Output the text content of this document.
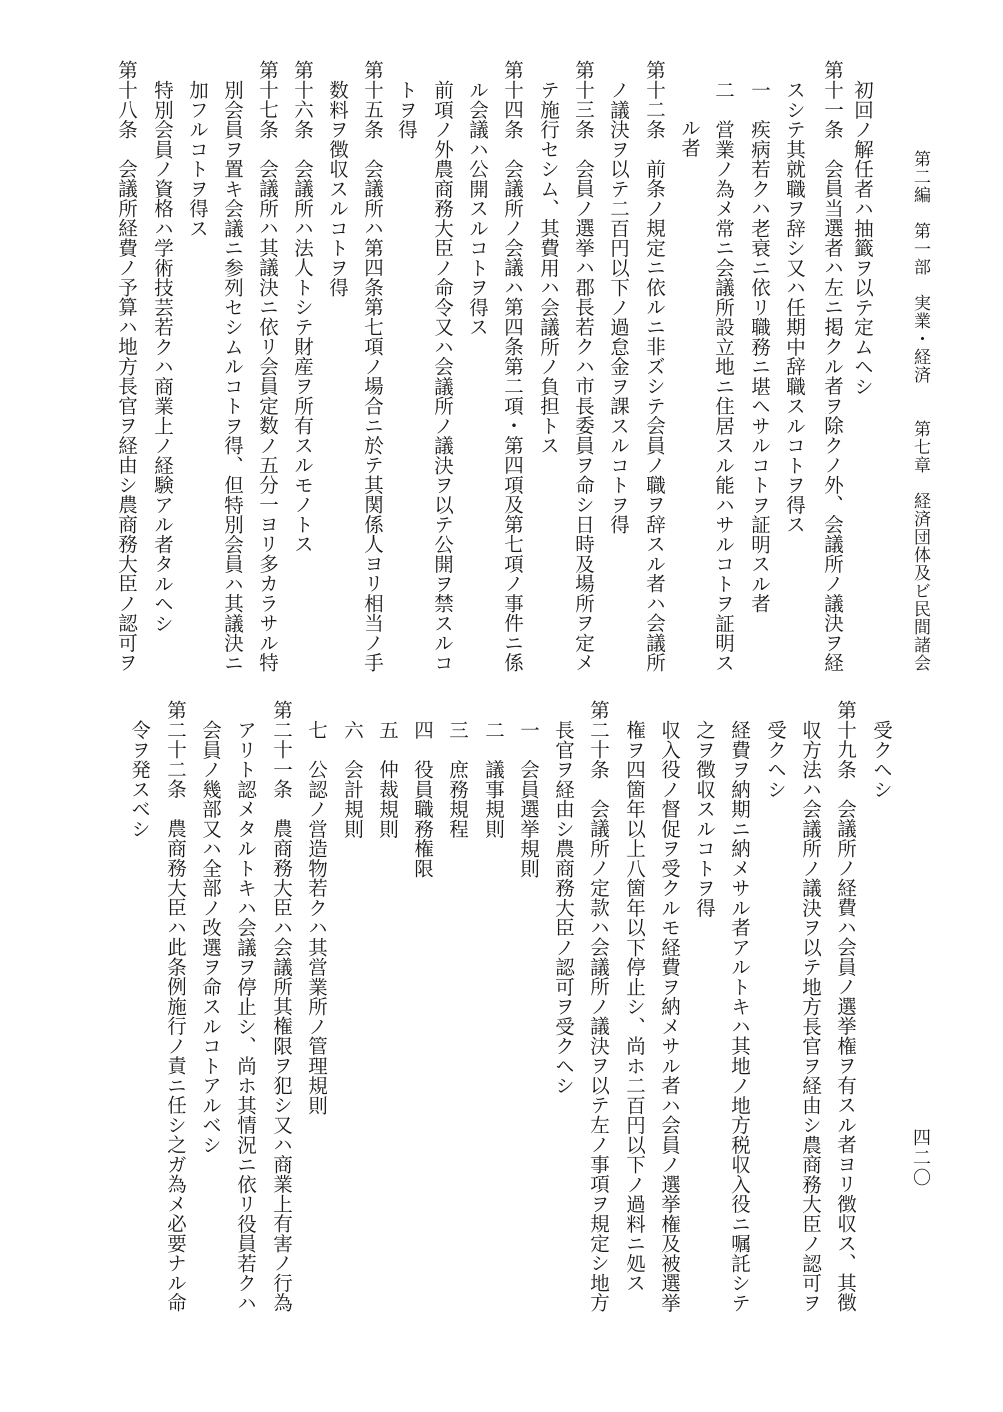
第二編　第一部　実業・経済　　第七章　経済団体及ビ民間諸会
四二〇
初回ノ解任者ハ抽籤ヲ以テ定ムヘシ
第十一条　会員当選者ハ左ニ掲クル者ヲ除クノ外、会議所ノ議決ヲ経
スシテ其就職ヲ辞シ又ハ任期中辞職スルコトヲ得ス
一　疾病若クハ老衰ニ依リ職務ニ堪ヘサルコトヲ証明スル者
二　営業ノ為メ常ニ会議所設立地ニ住居スル能ハサルコトヲ証明ス
ル者
第十二条　前条ノ規定ニ依ルニ非ズシテ会員ノ職ヲ辞スル者ハ会議所
ノ議決ヲ以テ二百円以下ノ過怠金ヲ課スルコトヲ得
第十三条　会員ノ選挙ハ郡長若クハ市長委員ヲ命シ日時及場所ヲ定メ
テ施行セシム、其費用ハ会議所ノ負担トス
第十四条　会議所ノ会議ハ第四条第二項・第四項及第七項ノ事件ニ係
ル会議ハ公開スルコトヲ得ス
前項ノ外農商務大臣ノ命令又ハ会議所ノ議決ヲ以テ公開ヲ禁スルコ
トヲ得
第十五条　会議所ハ第四条第七項ノ場合ニ於テ其関係人ヨリ相当ノ手
数料ヲ徴収スルコトヲ得
第十六条　会議所ハ法人トシテ財産ヲ所有スルモノトス
第十七条　会議所ハ其議決ニ依リ会員定数ノ五分一ヨリ多カラサル特
別会員ヲ置キ会議ニ参列セシムルコトヲ得、但特別会員ハ其議決ニ
加フルコトヲ得ス
特別会員ノ資格ハ学術技芸若クハ商業上ノ経験アル者タルヘシ
第十八条　会議所経費ノ予算ハ地方長官ヲ経由シ農商務大臣ノ認可ヲ
受クヘシ
第十九条　会議所ノ経費ハ会員ノ選挙権ヲ有スル者ヨリ徴収ス、其徴
収方法ハ会議所ノ議決ヲ以テ地方長官ヲ経由シ農商務大臣ノ認可ヲ
受クヘシ
経費ヲ納期ニ納メサル者アルトキハ其地ノ地方税収入役ニ嘱託シテ
之ヲ徴収スルコトヲ得
収入役ノ督促ヲ受クルモ経費ヲ納メサル者ハ会員ノ選挙権及被選挙
権ヲ四箇年以上八箇年以下停止シ、尚ホ二百円以下ノ過料ニ処ス
第二十条　会議所ノ定款ハ会議所ノ議決ヲ以テ左ノ事項ヲ規定シ地方
長官ヲ経由シ農商務大臣ノ認可ヲ受クヘシ
一　会員選挙規則
二　議事規則
三　庶務規程
四　役員職務権限
五　仲裁規則
六　会計規則
七　公認ノ営造物若クハ其営業所ノ管理規則
第二十一条　農商務大臣ハ会議所其権限ヲ犯シ又ハ商業上有害ノ行為
アリト認メタルトキハ会議ヲ停止シ、尚ホ其情況ニ依リ役員若クハ
会員ノ幾部又ハ全部ノ改選ヲ命スルコトアルベシ
第二十二条　農商務大臣ハ此条例施行ノ責ニ任シ之ガ為メ必要ナル命
令ヲ発スベシ
